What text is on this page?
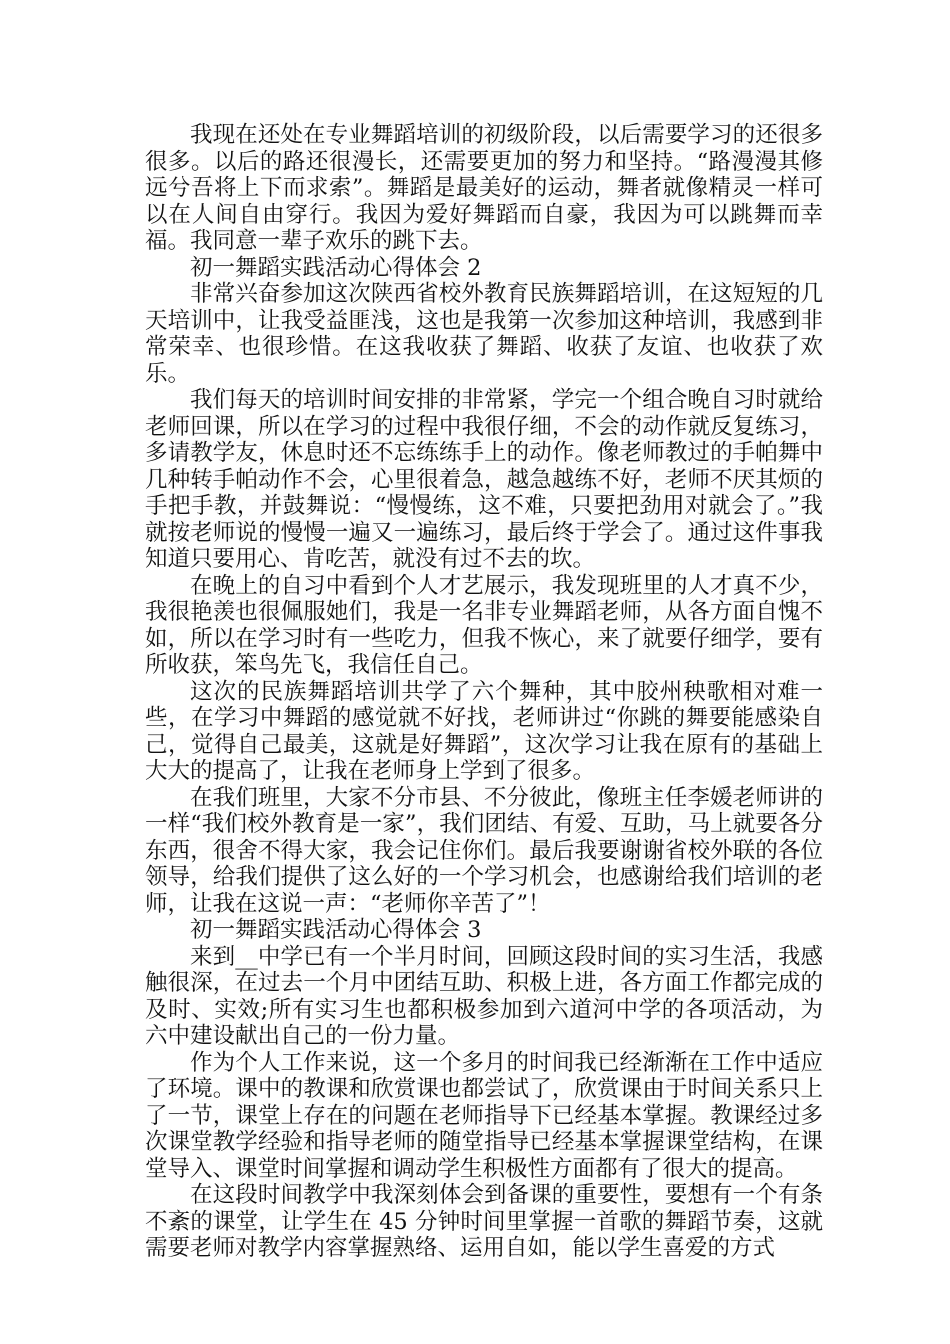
我现在还处在专业舞蹈培训的初级阶段，以后需要学习的还很多很多。以后的路还很漫长，还需要更加的努力和坚持。“路漫漫其修远兮吾将上下而求索”。舞蹈是最美好的运动，舞者就像精灵一样可以在人间自由穿行。我因为爱好舞蹈而自豪，我因为可以跳舞而幸福。我同意一辈子欢乐的跳下去。

初一舞蹈实践活动心得体会 2

非常兴奋参加这次陕西省校外教育民族舞蹈培训，在这短短的几天培训中，让我受益匪浅，这也是我第一次参加这种培训，我感到非常荣幸、也很珍惜。在这我收获了舞蹈、收获了友谊、也收获了欢乐。

我们每天的培训时间安排的非常紧，学完一个组合晚自习时就给老师回课，所以在学习的过程中我很仔细，不会的动作就反复练习，多请教学友，休息时还不忘练练手上的动作。像老师教过的手帕舞中几种转手帕动作不会，心里很着急，越急越练不好，老师不厌其烦的手把手教，并鼓舞说：“慢慢练，这不难，只要把劲用对就会了。”我就按老师说的慢慢一遍又一遍练习，最后终于学会了。通过这件事我知道只要用心、肯吃苦，就没有过不去的坎。

在晚上的自习中看到个人才艺展示，我发现班里的人才真不少，我很艳羡也很佩服她们，我是一名非专业舞蹈老师，从各方面自愧不如，所以在学习时有一些吃力，但我不恢心，来了就要仔细学，要有所收获，笨鸟先飞，我信任自己。

这次的民族舞蹈培训共学了六个舞种，其中胶州秧歌相对难一些，在学习中舞蹈的感觉就不好找，老师讲过“你跳的舞要能感染自己，觉得自己最美，这就是好舞蹈”，这次学习让我在原有的基础上大大的提高了，让我在老师身上学到了很多。

在我们班里，大家不分市县、不分彼此，像班主任李媛老师讲的一样“我们校外教育是一家”，我们团结、有爱、互助，马上就要各分东西，很舍不得大家，我会记住你们。最后我要谢谢省校外联的各位领导，给我们提供了这么好的一个学习机会，也感谢给我们培训的老师，让我在这说一声：“老师你辛苦了”！

初一舞蹈实践活动心得体会 3

来到__中学已有一个半月时间，回顾这段时间的实习生活，我感触很深，在过去一个月中团结互助、积极上进，各方面工作都完成的及时、实效;所有实习生也都积极参加到六道河中学的各项活动，为六中建设献出自己的一份力量。

作为个人工作来说，这一个多月的时间我已经渐渐在工作中适应了环境。课中的教课和欣赏课也都尝试了，欣赏课由于时间关系只上了一节，课堂上存在的问题在老师指导下已经基本掌握。教课经过多次课堂教学经验和指导老师的随堂指导已经基本掌握课堂结构，在课堂导入、课堂时间掌握和调动学生积极性方面都有了很大的提高。

在这段时间教学中我深刻体会到备课的重要性，要想有一个有条不紊的课堂，让学生在 45 分钟时间里掌握一首歌的舞蹈节奏，这就需要老师对教学内容掌握熟络、运用自如，能以学生喜爱的方式
